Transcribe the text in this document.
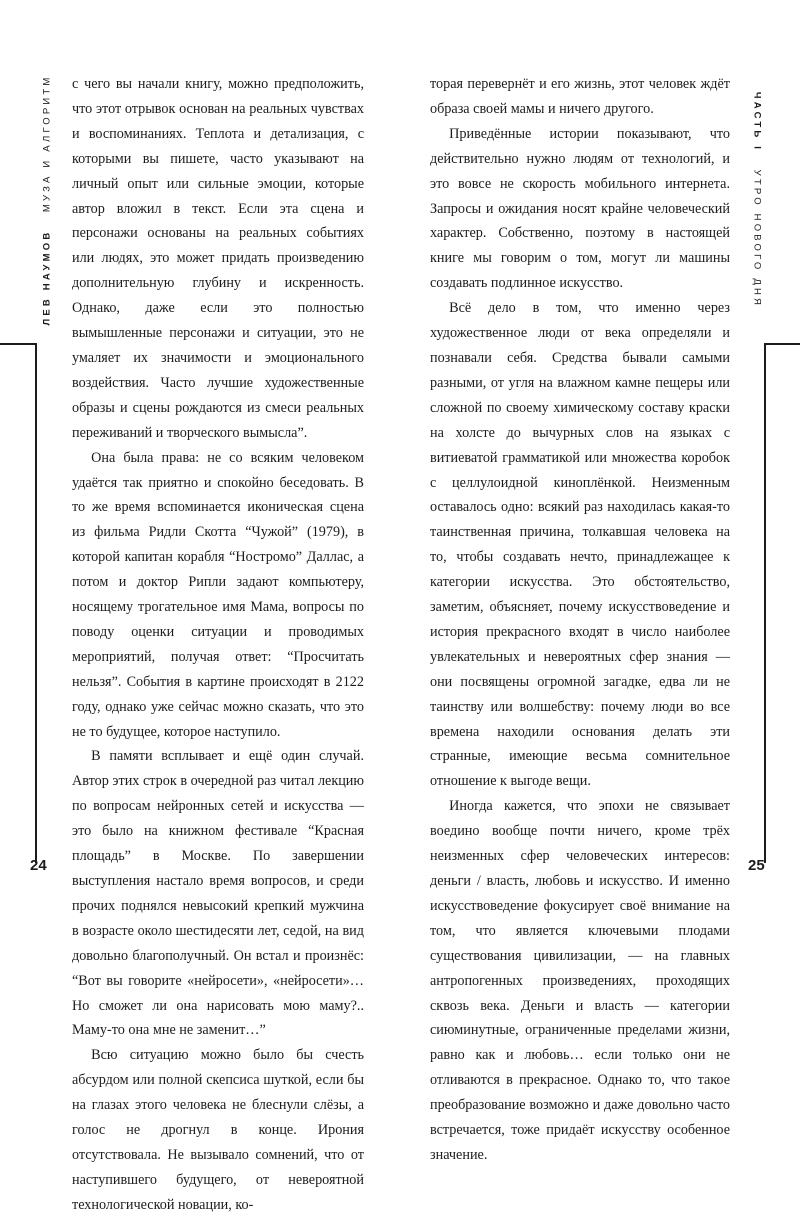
ЛЕВ НАУМОВ   МУЗА И АЛГОРИТМ с чего вы начали книгу, можно предположить, что этот отрывок основан на реальных чувствах и воспоминаниях. Теплота и детализация, с которыми вы пишете, часто указывают на личный опыт или сильные эмоции, которые автор вложил в текст. Если эта сцена и персонажи основаны на реальных событиях или людях, это может придать произведению дополнительную глубину и искренность. Однако, даже если это полностью вымышленные персонажи и ситуации, это не умаляет их значимости и эмоционального воздействия. Часто лучшие художественные образы и сцены рождаются из смеси реальных переживаний и творческого вымысла”.

Она была права: не со всяким человеком удаётся так приятно и спокойно беседовать. В то же время вспоминается иконическая сцена из фильма Ридли Скотта “Чужой” (1979), в которой капитан корабля “Ностромо” Даллас, а потом и доктор Рипли задают компьютеру, носящему трогательное имя Мама, вопросы по поводу оценки ситуации и проводимых мероприятий, получая ответ: “Просчитать нельзя”. События в картине происходят в 2122 году, однако уже сейчас можно сказать, что это не то будущее, которое наступило.

В памяти всплывает и ещё один случай. Автор этих строк в очередной раз читал лекцию по вопросам нейронных сетей и искусства — это было на книжном фестивале “Красная площадь” в Москве. По завершении выступления настало время вопросов, и среди прочих поднялся невысокий крепкий мужчина в возрасте около шестидесяти лет, седой, на вид довольно благополучный. Он встал и произнёс: “Вот вы говорите «нейросети», «нейросети»… Но сможет ли она нарисовать мою маму?.. Маму-то она мне не заменит…”

Всю ситуацию можно было бы счесть абсурдом или полной скепсиса шуткой, если бы на глазах этого человека не блеснули слёзы, а голос не дрогнул в конце. Ирония отсутствовала. Не вызывало сомнений, что от наступившего будущего, от невероятной технологической новации, ко-

24

торая перевернёт и его жизнь, этот человек ждёт образа своей мамы и ничего другого.

Приведённые истории показывают, что действительно нужно людям от технологий, и это вовсе не скорость мобильного интернета. Запросы и ожидания носят крайне человеческий характер. Собственно, поэтому в настоящей книге мы говорим о том, могут ли машины создавать подлинное искусство.

Всё дело в том, что именно через художественное люди от века определяли и познавали себя. Средства бывали самыми разными, от угля на влажном камне пещеры или сложной по своему химическому составу краски на холсте до вычурных слов на языках с витиеватой грамматикой или множества коробок с целлулоидной киноплёнкой. Неизменным оставалось одно: всякий раз находилась какая-то таинственная причина, толкавшая человека на то, чтобы создавать нечто, принадлежащее к категории искусства. Это обстоятельство, заметим, объясняет, почему искусствоведение и история прекрасного входят в число наиболее увлекательных и невероятных сфер знания — они посвящены огромной загадке, едва ли не таинству или волшебству: почему люди во все времена находили основания делать эти странные, имеющие весьма сомнительное отношение к выгоде вещи.

Иногда кажется, что эпохи не связывает воедино вообще почти ничего, кроме трёх неизменных сфер человеческих интересов: деньги / власть, любовь и искусство. И именно искусствоведение фокусирует своё внимание на том, что является ключевыми плодами существования цивилизации, — на главных антропогенных произведениях, проходящих сквозь века. Деньги и власть — категории сиюминутные, ограниченные пределами жизни, равно как и любовь… если только они не отливаются в прекрасное. Однако то, что такое преобразование возможно и даже довольно часто встречается, тоже придаёт искусству особенное значение.

ЧАСТЬ I   УТРО НОВОГО ДНЯ
25
